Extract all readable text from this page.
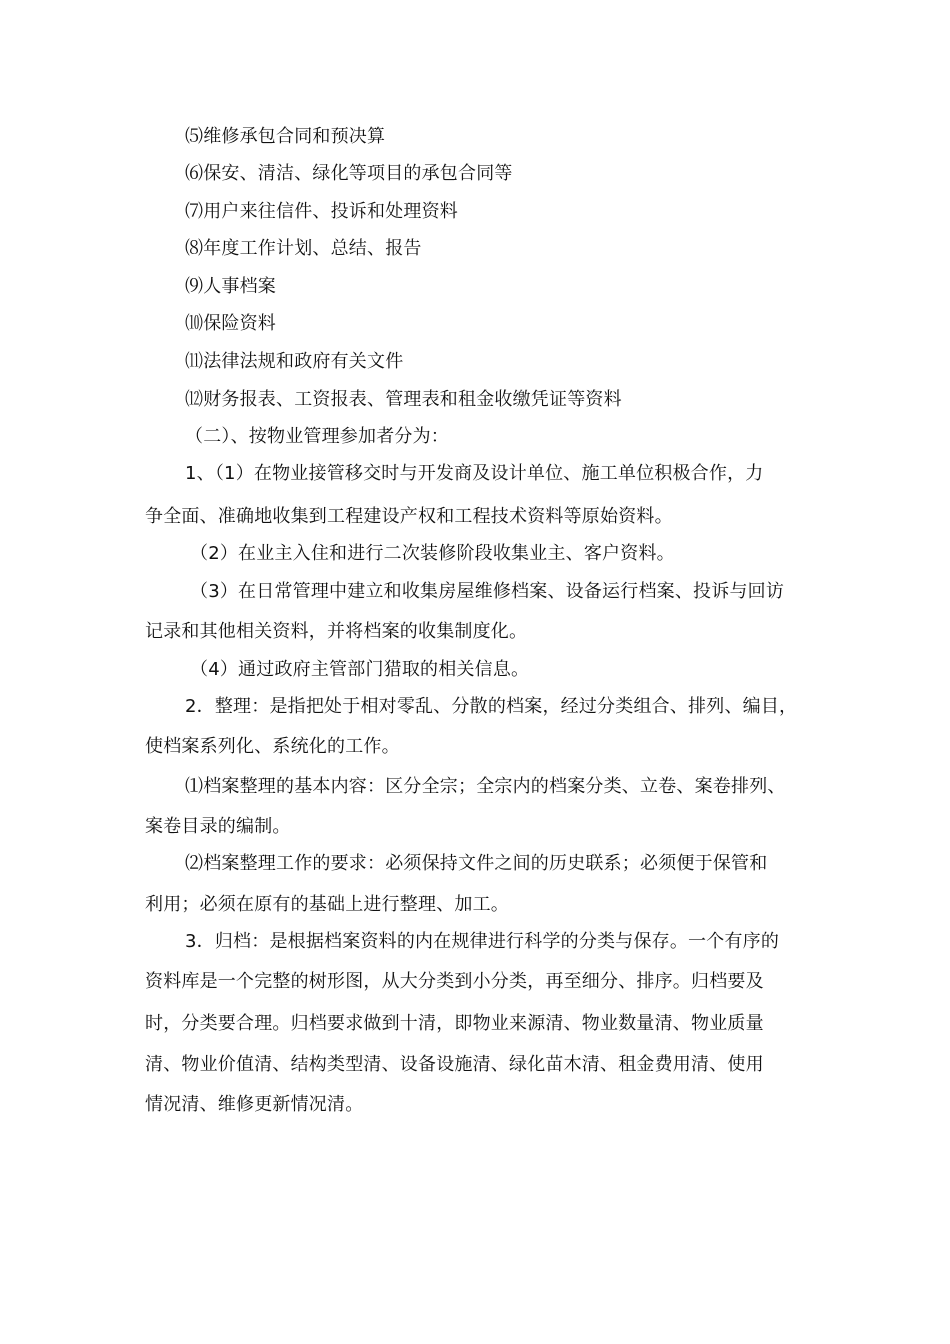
⑸维修承包合同和预决算
⑹保安、清洁、绿化等项目的承包合同等
⑺用户来往信件、投诉和处理资料
⑻年度工作计划、总结、报告
⑼人事档案
⑽保险资料
⑾法律法规和政府有关文件
⑿财务报表、工资报表、管理表和租金收缴凭证等资料
（二）、按物业管理参加者分为：
1、（1）在物业接管移交时与开发商及设计单位、施工单位积极合作，力
争全面、准确地收集到工程建设产权和工程技术资料等原始资料。
（2）在业主入住和进行二次装修阶段收集业主、客户资料。
（3）在日常管理中建立和收集房屋维修档案、设备运行档案、投诉与回访
记录和其他相关资料，并将档案的收集制度化。
（4）通过政府主管部门猎取的相关信息。
2．整理：是指把处于相对零乱、分散的档案，经过分类组合、排列、编目，
使档案系列化、系统化的工作。
⑴档案整理的基本内容：区分全宗；全宗内的档案分类、立卷、案卷排列、
案卷目录的编制。
⑵档案整理工作的要求：必须保持文件之间的历史联系；必须便于保管和
利用；必须在原有的基础上进行整理、加工。
3．归档：是根据档案资料的内在规律进行科学的分类与保存。一个有序的
资料库是一个完整的树形图，从大分类到小分类，再至细分、排序。归档要及
时，分类要合理。归档要求做到十清，即物业来源清、物业数量清、物业质量
清、物业价值清、结构类型清、设备设施清、绿化苗木清、租金费用清、使用
情况清、维修更新情况清。
